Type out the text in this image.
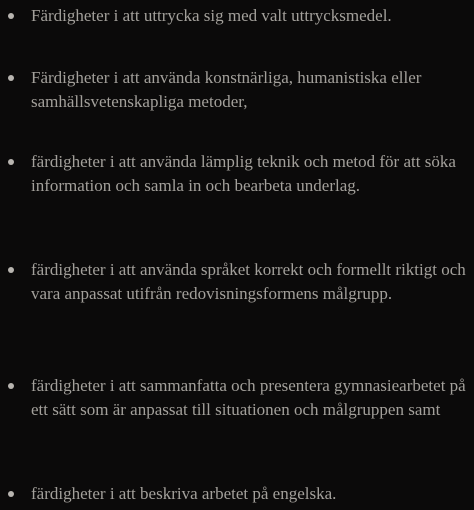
Färdigheter i att uttrycka sig med valt uttrycksmedel.
Färdigheter i att använda konstnärliga, humanistiska eller samhällsvetenskapliga metoder,
färdigheter i att använda lämplig teknik och metod för att söka information och samla in och bearbeta underlag.
färdigheter i att använda språket korrekt och formellt riktigt och vara anpassat utifrån redovisningsformens målgrupp.
färdigheter i att sammanfatta och presentera gymnasiearbetet på ett sätt som är anpassat till situationen och målgruppen samt
färdigheter i att beskriva arbetet på engelska.
